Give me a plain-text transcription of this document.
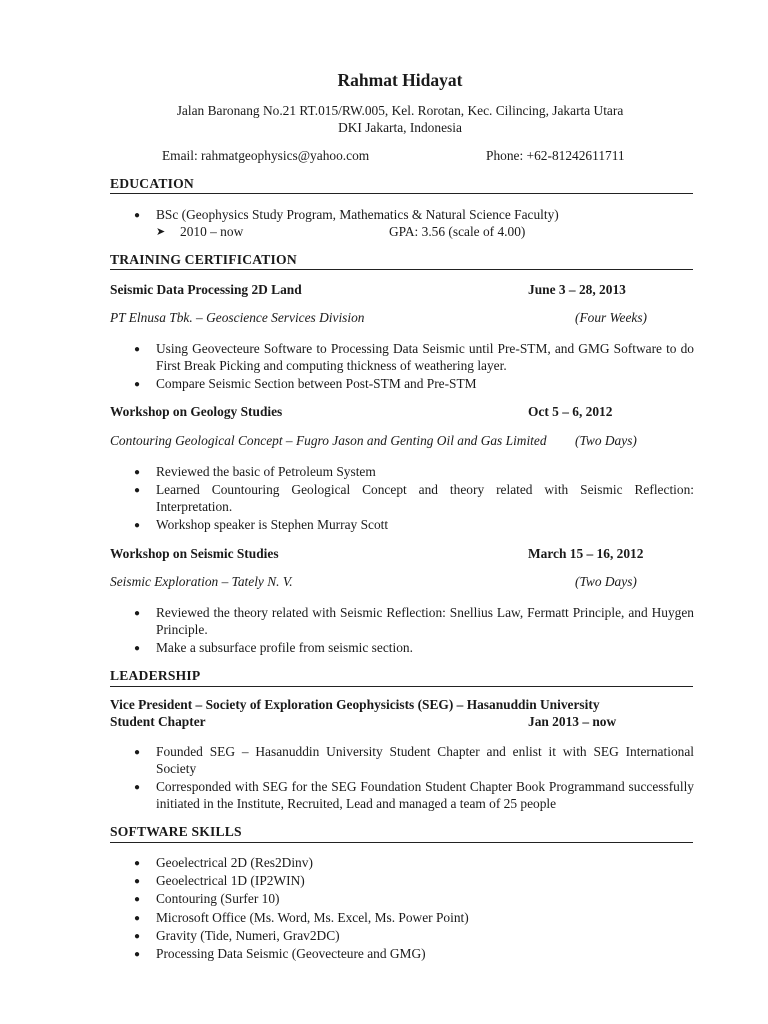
Rahmat Hidayat
Jalan Baronang No.21 RT.015/RW.005, Kel. Rorotan, Kec. Cilincing, Jakarta Utara
DKI Jakarta, Indonesia
Email: rahmatgeophysics@yahoo.com	Phone: +62-81242611711
EDUCATION
● BSc (Geophysics Study Program, Mathematics & Natural Science Faculty)
➤ 2010 – now	GPA: 3.56 (scale of 4.00)
TRAINING CERTIFICATION
Seismic Data Processing 2D Land	June 3 – 28, 2013
PT Elnusa Tbk. – Geoscience Services Division	(Four Weeks)
● Using Geovecteure Software to Processing Data Seismic until Pre-STM, and GMG Software to do First Break Picking and computing thickness of weathering layer.
● Compare Seismic Section between Post-STM and Pre-STM
Workshop on Geology Studies	Oct 5 – 6, 2012
Contouring Geological Concept – Fugro Jason and Genting Oil and Gas Limited (Two Days)
● Reviewed the basic of Petroleum System
● Learned Countouring Geological Concept and theory related with Seismic Reflection: Interpretation.
● Workshop speaker is Stephen Murray Scott
Workshop on Seismic Studies	March 15 – 16, 2012
Seismic Exploration – Tately N. V.	(Two Days)
● Reviewed the theory related with Seismic Reflection: Snellius Law, Fermatt Principle, and Huygen Principle.
● Make a subsurface profile from seismic section.
LEADERSHIP
Vice President – Society of Exploration Geophysicists (SEG) – Hasanuddin University
Student Chapter	Jan 2013 – now
● Founded SEG – Hasanuddin University Student Chapter and enlist it with SEG International Society
● Corresponded with SEG for the SEG Foundation Student Chapter Book Programmand successfully initiated in the Institute, Recruited, Lead and managed a team of 25 people
SOFTWARE SKILLS
● Geoelectrical 2D (Res2Dinv)
● Geoelectrical 1D (IP2WIN)
● Contouring (Surfer 10)
● Microsoft Office (Ms. Word, Ms. Excel, Ms. Power Point)
● Gravity (Tide, Numeri, Grav2DC)
● Processing Data Seismic (Geovecteure and GMG)
